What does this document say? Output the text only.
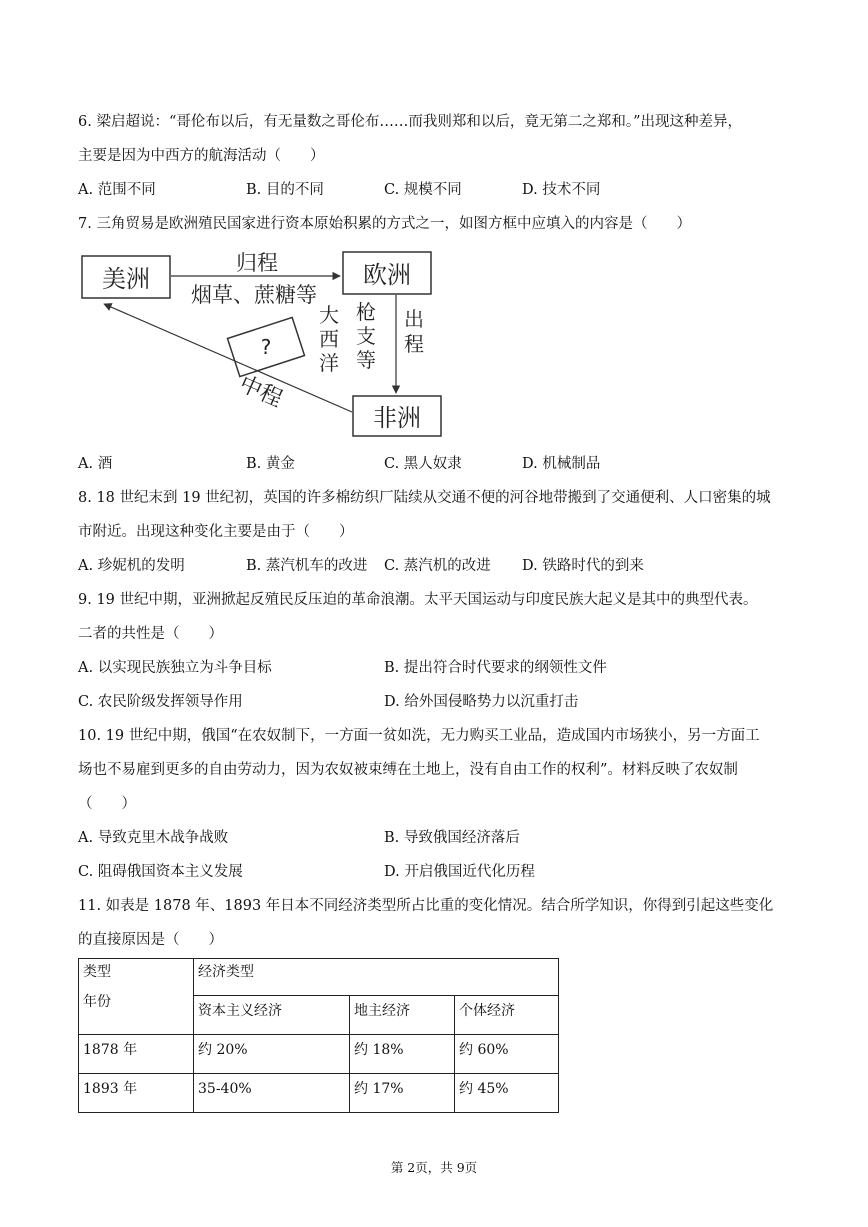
6. 梁启超说：“哥伦布以后，有无量数之哥伦布……而我则郑和以后，竟无第二之郑和。”出现这种差异，
主要是因为中西方的航海活动（　　）
A. 范围不同	B. 目的不同	C. 规模不同	D. 技术不同
7. 三角贸易是欧洲殖民国家进行资本原始积累的方式之一，如图方框中应填入的内容是（　　）
美洲	欧洲
非洲
归程
烟草、蔗糖等
大
西
洋
枪
支
等
出
程
?
中程
A. 酒	B. 黄金	C. 黑人奴隶	D. 机械制品
8. 18 世纪末到 19 世纪初，英国的许多棉纺织厂陆续从交通不便的河谷地带搬到了交通便利、人口密集的城
市附近。出现这种变化主要是由于（　　）
A. 珍妮机的发明	B. 蒸汽机车的改进 C. 蒸汽机的改进 D. 铁路时代的到来
9. 19 世纪中期，亚洲掀起反殖民反压迫的革命浪潮。太平天国运动与印度民族大起义是其中的典型代表。
二者的共性是（　　）
A. 以实现民族独立为斗争目标	B. 提出符合时代要求的纲领性文件
C. 农民阶级发挥领导作用	D. 给外国侵略势力以沉重打击
10. 19 世纪中期，俄国“在农奴制下，一方面一贫如洗，无力购买工业品，造成国内市场狭小，另一方面工
场也不易雇到更多的自由劳动力，因为农奴被束缚在土地上，没有自由工作的权利”。材料反映了农奴制
（　　）
A. 导致克里木战争战败	B. 导致俄国经济落后
C. 阻碍俄国资本主义发展	D. 开启俄国近代化历程
11. 如表是 1878 年、1893 年日本不同经济类型所占比重的变化情况。结合所学知识，你得到引起这些变化
的直接原因是（　　）
类型
年份	经济类型		
	资本主义经济	地主经济	个体经济
1878 年	约 20%	约 18%	约 60%
1893 年	35-40%	约 17%	约 45%
第 2页，共 9页
